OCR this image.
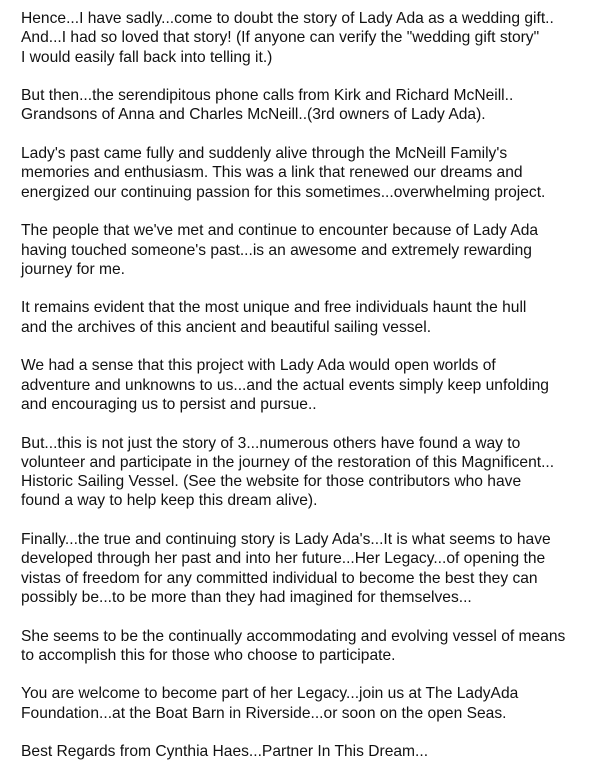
Hence...I have sadly...come to doubt the story of Lady Ada as a wedding gift..
And...I had so loved that story! (If anyone can verify the "wedding gift story"
I would easily fall back into telling it.)

But then...the serendipitous phone calls from Kirk and Richard McNeill..
Grandsons of Anna and Charles McNeill..(3rd owners of Lady Ada).

Lady's past came fully and suddenly alive through the McNeill Family's
memories and enthusiasm. This was a link that renewed our dreams and
energized our continuing passion for this sometimes...overwhelming project.

The people that we've met and continue to encounter because of Lady Ada
having touched someone's past...is an awesome and extremely rewarding
journey for me.

It remains evident that the most unique and free individuals haunt the hull
and the archives of this ancient and beautiful sailing vessel.

We had a sense that this project with Lady Ada would open worlds of
adventure and unknowns to us...and the actual events simply keep unfolding
and encouraging us to persist and pursue..

But...this is not just the story of 3...numerous others have found a way to
volunteer and participate in the journey of the restoration of this Magnificent...
Historic Sailing Vessel. (See the website for those contributors who have
found a way to help keep this dream alive).

Finally...the true and continuing story is Lady Ada's...It is what seems to have
developed through her past and into her future...Her Legacy...of opening the
vistas of freedom for any committed individual to become the best they can
possibly be...to be more than they had imagined for themselves...

She seems to be the continually accommodating and evolving vessel of means
to accomplish this for those who choose to participate.

You are welcome to become part of her Legacy...join us at The LadyAda
Foundation...at the Boat Barn in Riverside...or soon on the open Seas.

Best Regards from Cynthia Haes...Partner In This Dream...
